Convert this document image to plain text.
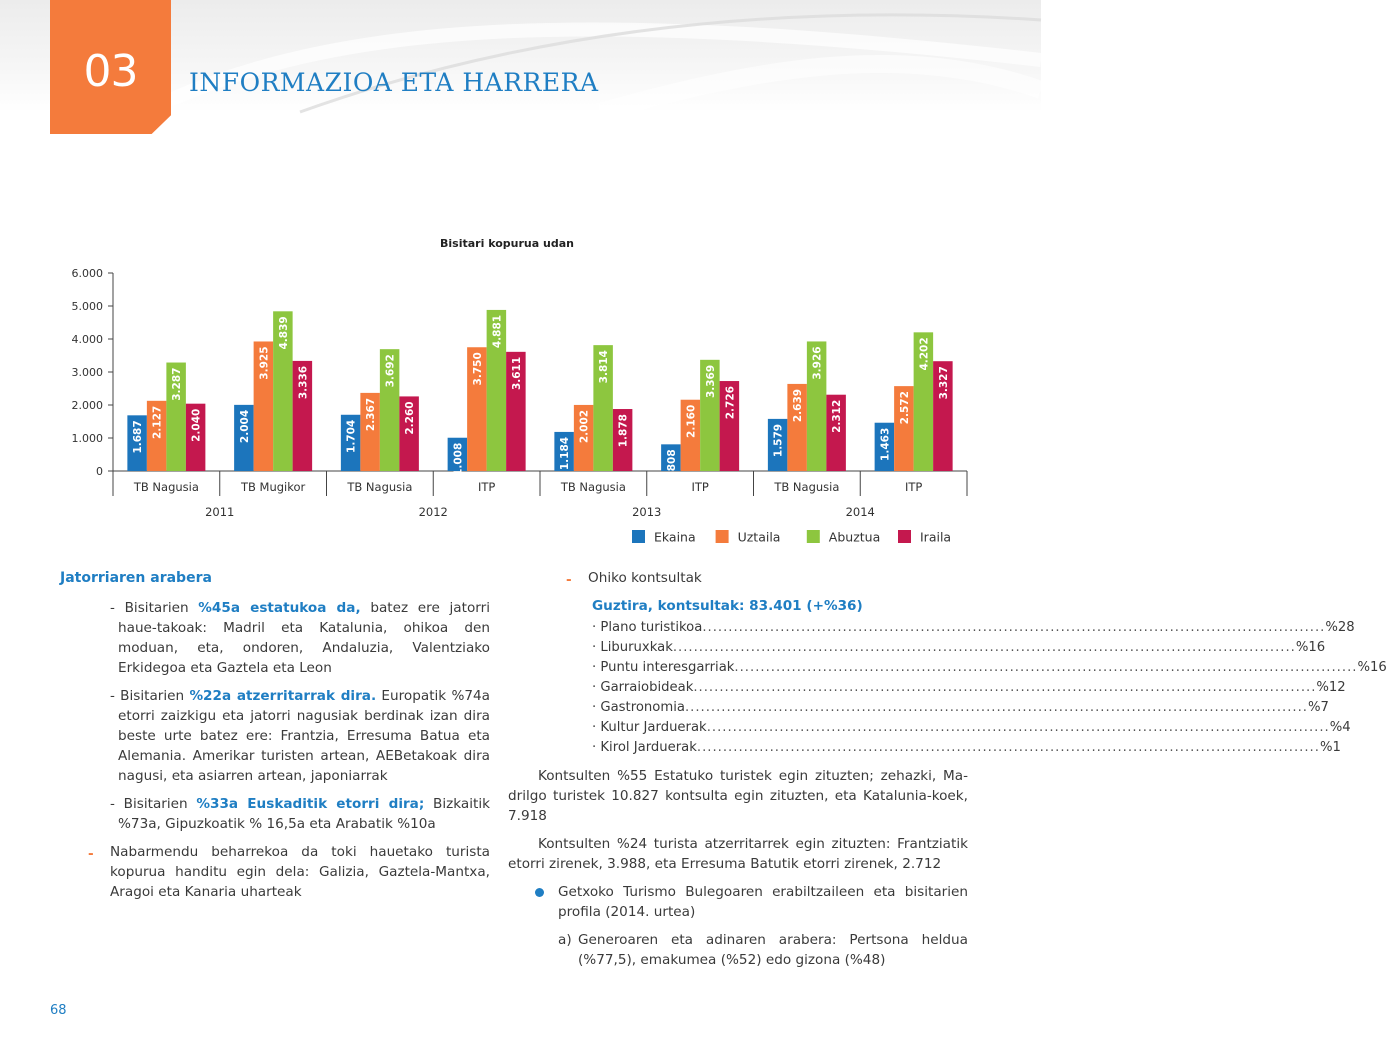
03	INFORMAZIOA ETA HARRERA
Bisitari kopurua udan
0
1.000
2.000
3.000
4.000
5.000
6.000
TB Nagusia
1.687 2.127
3.287
2.040
TB Mugikor
2.004
3.925
4.839
3.336
TB Nagusia
1.704
2.367
3.692
2.260
ITP
1.008
3.750
4.881
3.611
TB Nagusia
1.184
2.002
3.814
1.878
ITP
808
2.160
3.369
2.726
TB Nagusia
1.579
2.639
3.926
2.312
ITP
1.463
2.572
4.202
3.327
2011	2012	2013	2014
Ekaina	Uztaila	Abuztua	Iraila
Jatorriaren arabera
- Bisitarien %45a estatukoa da, batez ere jatorri haue-takoak: Madril eta Katalunia, ohikoa den moduan, eta, ondoren, Andaluzia, Valentziako Erkidegoa eta Gaztela eta Leon
- Bisitarien %22a atzerritarrak dira. Europatik %74a etorri zaizkigu eta jatorri nagusiak berdinak izan dira beste urte batez ere: Frantzia, Erresuma Batua eta Alemania. Amerikar turisten artean, AEBetakoak dira nagusi, eta asiarren artean, japoniarrak
- Bisitarien %33a Euskaditik etorri dira; Bizkaitik %73a, Gipuzkoatik % 16,5a eta Arabatik %10a
- Nabarmendu beharrekoa da toki hauetako turista kopurua handitu egin dela: Galizia, Gaztela-Mantxa, Aragoi eta Kanaria uharteak
- Ohiko kontsultak
Guztira, kontsultak: 83.401 (+%36)
· Plano turistikoa ........................................................................................................................ %28
· Liburuxkak ........................................................................................................................ %16
· Puntu interesgarriak ........................................................................................................................ %16
· Garraiobideak ........................................................................................................................ %12
· Gastronomia ........................................................................................................................ %7
· Kultur Jarduerak ........................................................................................................................ %4
· Kirol Jarduerak ........................................................................................................................ %1
Kontsulten %55 Estatuko turistek egin zituzten; zehazki, Ma-drilgo turistek 10.827 kontsulta egin zituzten, eta Katalunia-koek, 7.918
Kontsulten %24 turista atzerritarrek egin zituzten: Frantziatik etorri zirenek, 3.988, eta Erresuma Batutik etorri zirenek, 2.712
Getxoko Turismo Bulegoaren erabiltzaileen eta bisitarien profila (2014. urtea)
a) Generoaren eta adinaren arabera: Pertsona heldua (%77,5), emakumea (%52) edo gizona (%48)
68
